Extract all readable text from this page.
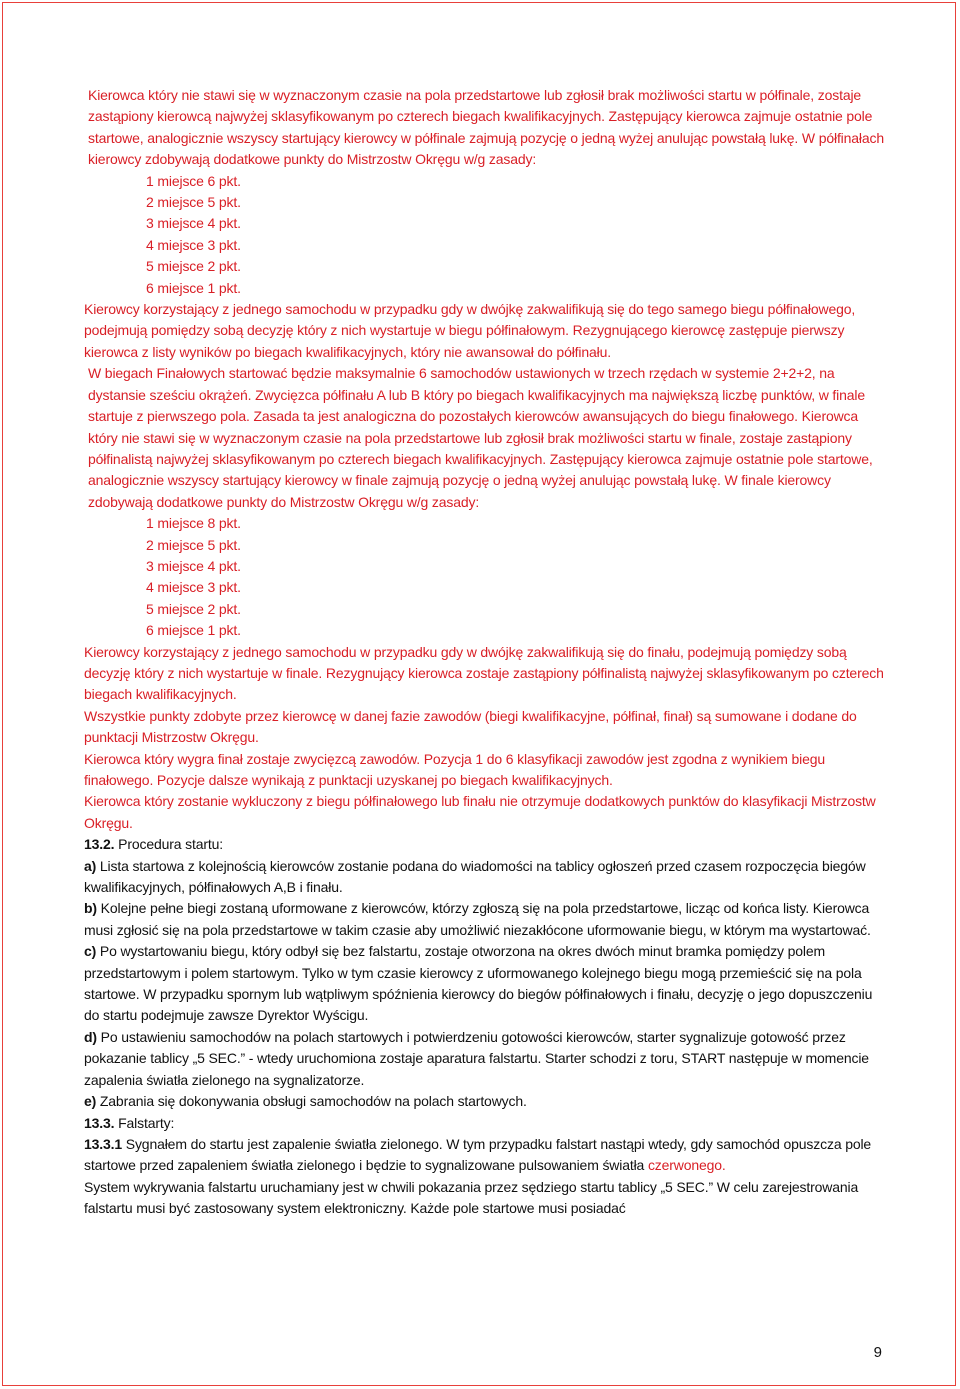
Kierowca który nie stawi się w wyznaczonym czasie na pola przedstartowe lub zgłosił brak możliwości startu w półfinale, zostaje zastąpiony kierowcą najwyżej sklasyfikowanym po czterech biegach kwalifikacyjnych. Zastępujący kierowca zajmuje ostatnie pole startowe, analogicznie wszyscy startujący kierowcy w półfinale zajmują pozycję o jedną wyżej anulując powstałą lukę. W półfinałach kierowcy zdobywają dodatkowe punkty do Mistrzostw Okręgu w/g zasady:

1 miejsce 6 pkt.
2 miejsce 5 pkt.
3 miejsce 4 pkt.
4 miejsce 3 pkt.
5 miejsce 2 pkt.
6 miejsce 1 pkt.

Kierowcy korzystający z jednego samochodu w przypadku gdy w dwójkę zakwalifikują się do tego samego biegu półfinałowego, podejmują pomiędzy sobą decyzję który z nich wystartuje w biegu półfinałowym. Rezygnującego kierowcę zastępuje pierwszy kierowca z listy wyników po biegach kwalifikacyjnych, który nie awansował do półfinału.

W biegach Finałowych startować będzie maksymalnie 6 samochodów ustawionych w trzech rzędach w systemie 2+2+2, na dystansie sześciu okrążeń. Zwycięzca półfinału A lub B który po biegach kwalifikacyjnych ma największą liczbę punktów, w finale startuje z pierwszego pola. Zasada ta jest analogiczna do pozostałych kierowców awansujących do biegu finałowego. Kierowca który nie stawi się w wyznaczonym czasie na pola przedstartowe lub zgłosił brak możliwości startu w finale, zostaje zastąpiony półfinalistą najwyżej sklasyfikowanym po czterech biegach kwalifikacyjnych. Zastępujący kierowca zajmuje ostatnie pole startowe, analogicznie wszyscy startujący kierowcy w finale zajmują pozycję o jedną wyżej anulując powstałą lukę. W finale kierowcy zdobywają dodatkowe punkty do Mistrzostw Okręgu w/g zasady:

1 miejsce 8 pkt.
2 miejsce 5 pkt.
3 miejsce 4 pkt.
4 miejsce 3 pkt.
5 miejsce 2 pkt.
6 miejsce 1 pkt.

Kierowcy korzystający z jednego samochodu w przypadku gdy w dwójkę zakwalifikują się do finału, podejmują pomiędzy sobą decyzję który z nich wystartuje w finale. Rezygnujący kierowca zostaje zastąpiony półfinalistą najwyżej sklasyfikowanym po czterech biegach kwalifikacyjnych.

Wszystkie punkty zdobyte przez kierowcę w danej fazie zawodów (biegi kwalifikacyjne, półfinał, finał) są sumowane i dodane do punktacji Mistrzostw Okręgu.

Kierowca który wygra finał zostaje zwycięzcą zawodów. Pozycja 1 do 6 klasyfikacji zawodów jest zgodna z wynikiem biegu finałowego. Pozycje dalsze wynikają z punktacji uzyskanej po biegach kwalifikacyjnych.

Kierowca który zostanie wykluczony z biegu półfinałowego lub finału nie otrzymuje dodatkowych punktów do klasyfikacji Mistrzostw Okręgu.

13.2. Procedura startu:

a) Lista startowa z kolejnością kierowców zostanie podana do wiadomości na tablicy ogłoszeń przed czasem rozpoczęcia biegów kwalifikacyjnych, półfinałowych A,B i finału.

b) Kolejne pełne biegi zostaną uformowane z kierowców, którzy zgłoszą się na pola przedstartowe, licząc od końca listy. Kierowca musi zgłosić się na pola przedstartowe w takim czasie aby umożliwić niezakłócone uformowanie biegu, w którym ma wystartować.

c) Po wystartowaniu biegu, który odbył się bez falstartu, zostaje otworzona na okres dwóch minut bramka pomiędzy polem przedstartowym i polem startowym. Tylko w tym czasie kierowcy z uformowanego kolejnego biegu mogą przemieścić się na pola startowe. W przypadku spornym lub wątpliwym spóźnienia kierowcy do biegów półfinałowych i finału, decyzję o jego dopuszczeniu do startu podejmuje zawsze Dyrektor Wyścigu.

d) Po ustawieniu samochodów na polach startowych i potwierdzeniu gotowości kierowców, starter sygnalizuje gotowość przez pokazanie tablicy „5 SEC.” - wtedy uruchomiona zostaje aparatura falstartu. Starter schodzi z toru, START następuje w momencie zapalenia światła zielonego na sygnalizatorze.

e) Zabrania się dokonywania obsługi samochodów na polach startowych.

13.3. Falstarty:

13.3.1 Sygnałem do startu jest zapalenie światła zielonego. W tym przypadku falstart nastąpi wtedy, gdy samochód opuszcza pole startowe przed zapaleniem światła zielonego i będzie to sygnalizowane pulsowaniem światła czerwonego.

System wykrywania falstartu uruchamiany jest w chwili pokazania przez sędziego startu tablicy „5 SEC.” W celu zarejestrowania falstartu musi być zastosowany system elektroniczny. Każde pole startowe musi posiadać

9
